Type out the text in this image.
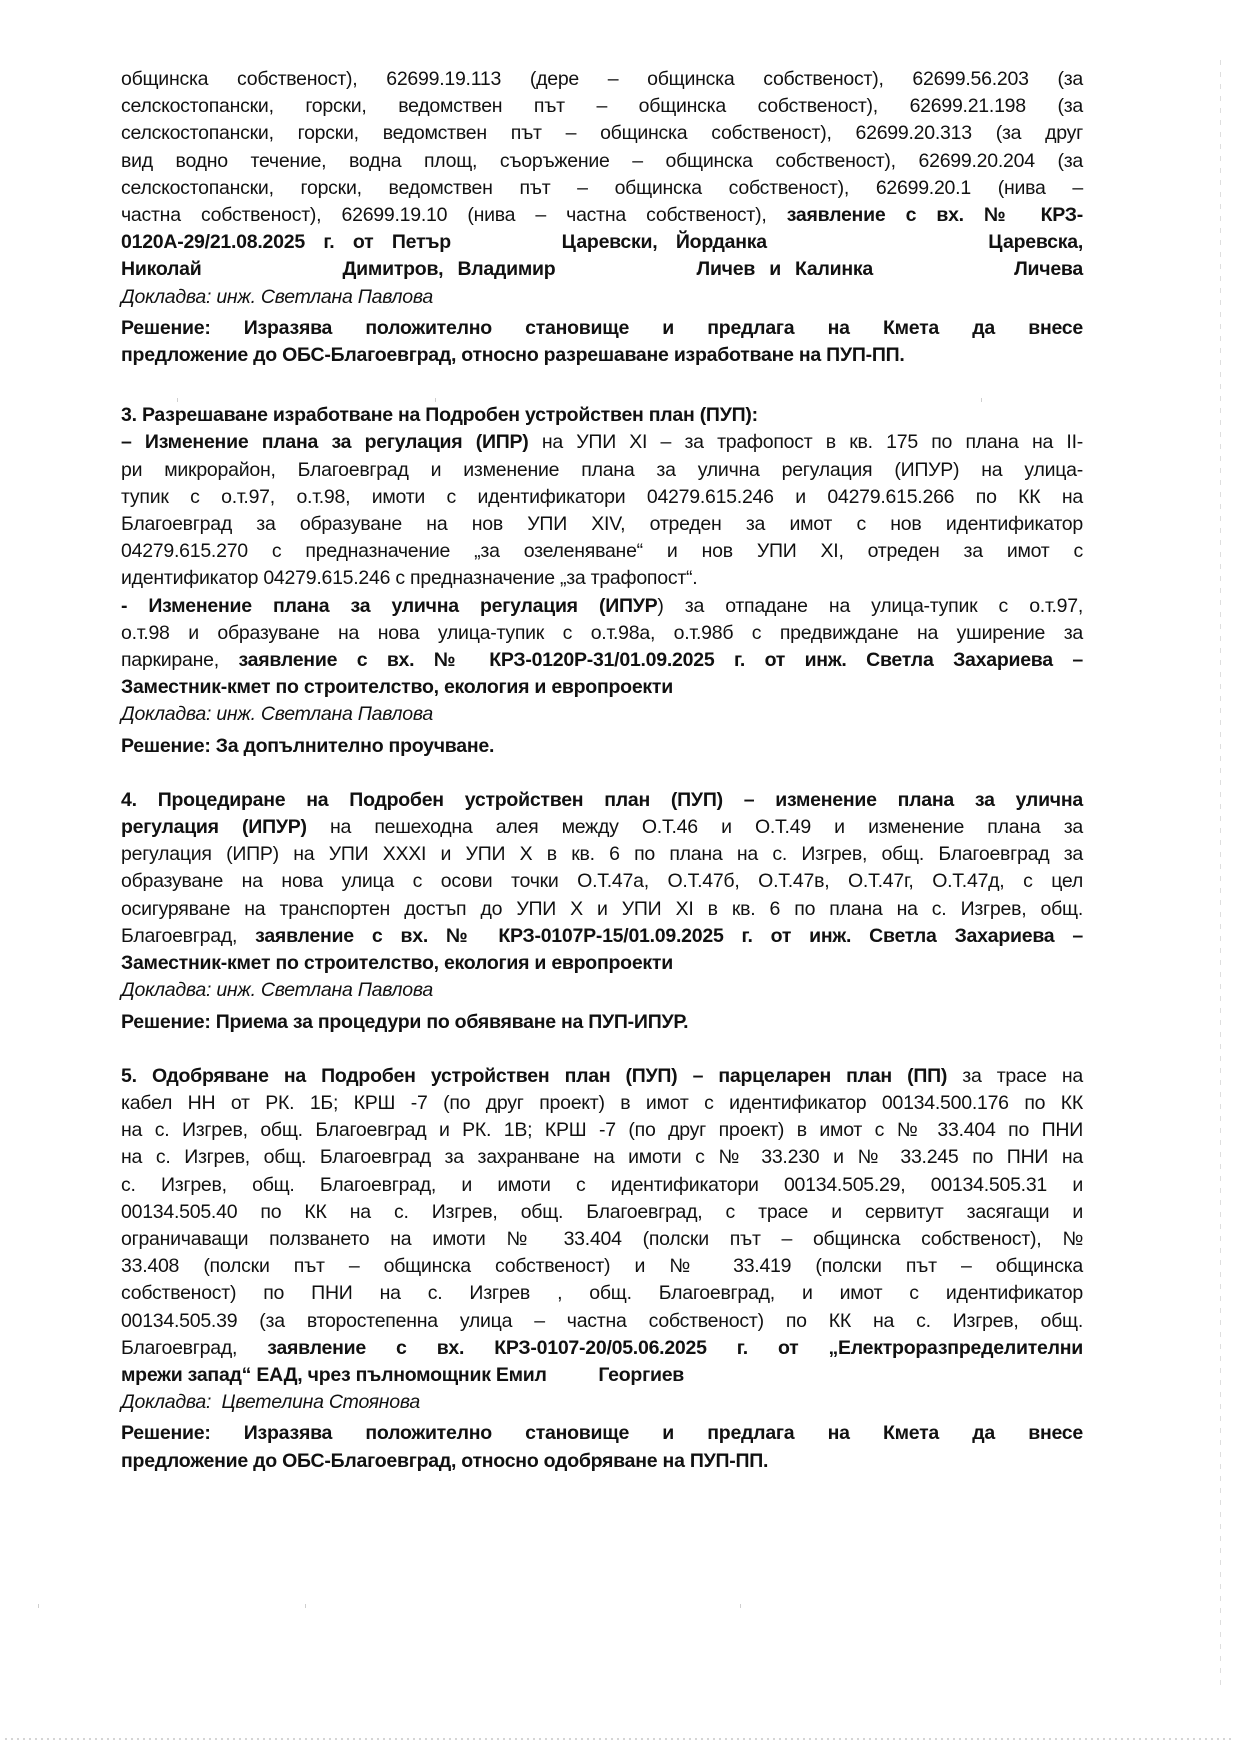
общинска собственост), 62699.19.113 (дере – общинска собственост), 62699.56.203 (за
селскостопански, горски, ведомствен път – общинска собственост), 62699.21.198 (за
селскостопански, горски, ведомствен път – общинска собственост), 62699.20.313 (за друг
вид водно течение, водна площ, съоръжение – общинска собственост), 62699.20.204 (за
селскостопански, горски, ведомствен път – общинска собственост), 62699.20.1 (нива –
частна собственост), 62699.19.10 (нива – частна собственост), заявление с вх. № КРЗ-
0120А-29/21.08.2025 г. от Петър      Царевски, Йорданка            Царевска,
Николай          Димитров, Владимир          Личев и Калинка          Личева

Докладва: инж. Светлана Павлова

Решение: Изразява положително становище и предлага на Кмета да внесе
предложение до ОБС-Благоевград, относно разрешаване изработване на ПУП-ПП.
3. Разрешаване изработване на Подробен устройствен план (ПУП):
– Изменение плана за регулация (ИПР) на УПИ XI – за трафопост в кв. 175 по плана на II-
ри микрорайон, Благоевград и изменение плана за улична регулация (ИПУР) на улица-
тупик с о.т.97, о.т.98, имоти с идентификатори 04279.615.246 и 04279.615.266 по КК на
Благоевград за образуване на нов УПИ XIV, отреден за имот с нов идентификатор
04279.615.270 с предназначение „за озеленяване“ и нов УПИ XI, отреден за имот с
идентификатор 04279.615.246 с предназначение „за трафопост“.
- Изменение плана за улична регулация (ИПУР) за отпадане на улица-тупик с о.т.97,
о.т.98 и образуване на нова улица-тупик с о.т.98а, о.т.98б с предвиждане на уширение за
паркиране, заявление с вх. № КРЗ-0120Р-31/01.09.2025 г. от инж. Светла Захариева –
Заместник-кмет по строителство, екология и европроекти

Докладва: инж. Светлана Павлова

Решение: За допълнително проучване.

4. Процедиране на Подробен устройствен план (ПУП) – изменение плана за улична
регулация (ИПУР) на пешеходна алея между О.Т.46 и О.Т.49 и изменение плана за
регулация (ИПР) на УПИ XXXI и УПИ X в кв. 6 по плана на с. Изгрев, общ. Благоевград за
образуване на нова улица с осови точки О.Т.47а, О.Т.47б, О.Т.47в, О.Т.47г, О.Т.47д, с цел
осигуряване на транспортен достъп до УПИ X и УПИ XI в кв. 6 по плана на с. Изгрев, общ.
Благоевград, заявление с вх. № КРЗ-0107Р-15/01.09.2025 г. от инж. Светла Захариева –
Заместник-кмет по строителство, екология и европроекти

Докладва: инж. Светлана Павлова

Решение: Приема за процедури по обявяване на ПУП-ИПУР.

5. Одобряване на Подробен устройствен план (ПУП) – парцеларен план (ПП) за трасе на
кабел НН от РК. 1Б; КРШ -7 (по друг проект) в имот с идентификатор 00134.500.176 по КК
на с. Изгрев, общ. Благоевград и РК. 1В; КРШ -7 (по друг проект) в имот с № 33.404 по ПНИ
на с. Изгрев, общ. Благоевград за захранване на имоти с № 33.230 и № 33.245 по ПНИ на
с. Изгрев, общ. Благоевград, и имоти с идентификатори 00134.505.29, 00134.505.31 и
00134.505.40 по КК на с. Изгрев, общ. Благоевград, с трасе и сервитут засягащи и
ограничаващи ползването на имоти № 33.404 (полски път – общинска собственост), №
33.408 (полски път – общинска собственост) и № 33.419 (полски път – общинска
собственост) по ПНИ на с. Изгрев , общ. Благоевград, и имот с идентификатор
00134.505.39 (за второстепенна улица – частна собственост) по КК на с. Изгрев, общ.
Благоевград, заявление с вх. КРЗ-0107-20/05.06.2025 г. от „Електроразпределителни
мрежи запад“ ЕАД, чрез пълномощник Емил          Георгиев

Докладва:  Цветелина Стоянова

Решение: Изразява положително становище и предлага на Кмета да внесе
предложение до ОБС-Благоевград, относно одобряване на ПУП-ПП.
